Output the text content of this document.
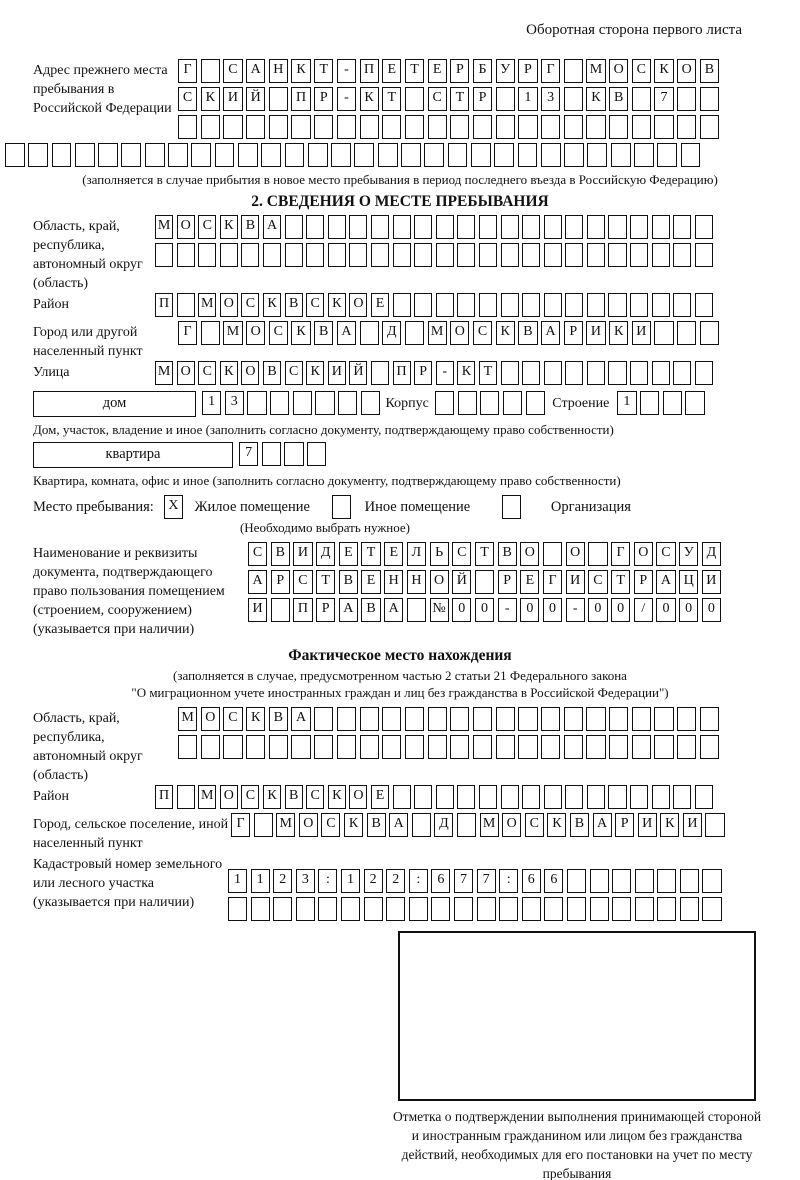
Оборотная сторона первого листа
Адрес прежнего места пребывания в Российской Федерации
Г	С А Н К Т	-	П Е	Т	Е	Р	Б У Р	Г	М О С К О В
С К И Й	П Р	-	К Т	С Т	Р	1	3	К В	7
(заполняется в случае прибытия в новое место пребывания в период последнего въезда в Российскую Федерацию)
2. СВЕДЕНИЯ О МЕСТЕ ПРЕБЫВАНИЯ
Область, край, республика, автономный округ (область)
М О С К В А
Район	П М О С К В С К О Е
Город или другой населенный пункт
Г	М О С К В А	Д	М О С К В А Р И К И
Улица	М О С К О В С К И Й П Р	-	К Т
дом	1	3	Корпус	Строение	1
Дом, участок, владение и иное (заполнить согласно документу, подтверждающему право собственности)
квартира	7
Квартира, комната, офис и иное (заполнить согласно документу, подтверждающему право собственности)
Место пребывания:	X	Жилое помещение	Иное помещение	Организация
(Необходимо выбрать нужное)
Наименование и реквизиты документа, подтверждающего право пользования помещением (строением, сооружением) (указывается при наличии)
С В И Д Е	Т	Е Л Ь	С Т В О	О	Г О С У Д
А Р	С Т В Е Н Н О Й	Р	Е	Г И С Т	Р А Ц И
И	П Р А В А	№ 0	0	-	0	0	-	0	0	/	0	0	0
Фактическое место нахождения
(заполняется в случае, предусмотренном частью 2 статьи 21 Федерального закона
"О миграционном учете иностранных граждан и лиц без гражданства в Российской Федерации")
Область, край, республика, автономный округ (область)
М О С К В А
Район	П М О С К В С К О Е
Город, сельское поселение, иной населенный пункт
Г	М О С К В А	Д	М О С К В А Р И К И
Кадастровый номер земельного или лесного участка (указывается при наличии)
1	1	2	3	:	1	2	2	:	6	7	7	:	6	6
Отметка о подтверждении выполнения принимающей стороной и иностранным гражданином или лицом без гражданства действий, необходимых для его постановки на учет по месту пребывания
